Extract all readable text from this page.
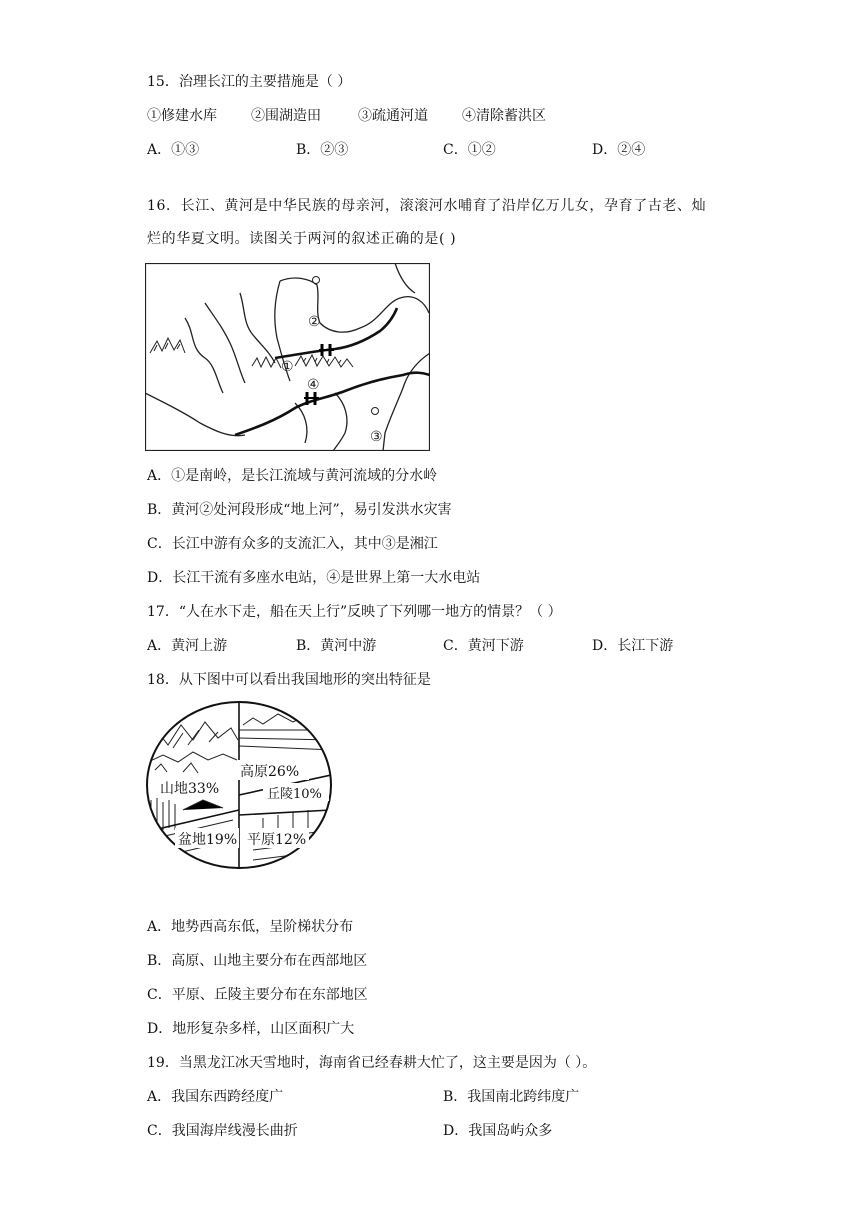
15．治理长江的主要措施是（ ）
①修建水库 ②围湖造田	③疏通河道 ④清除蓄洪区
A．①③	B．②③	C．①②	D．②④
16．长江、黄河是中华民族的母亲河，滚滚河水哺育了沿岸亿万儿女，孕育了古老、灿
烂的华夏文明。读图关于两河的叙述正确的是( )
②
①
④
③
A．①是南岭，是长江流域与黄河流域的分水岭
B．黄河②处河段形成“地上河”，易引发洪水灾害
C．长江中游有众多的支流汇入，其中③是湘江
D．长江干流有多座水电站，④是世界上第一大水电站
17．“人在水下走，船在天上行”反映了下列哪一地方的情景？（ ）
A．黄河上游	B．黄河中游	C．黄河下游	D．长江下游
18．从下图中可以看出我国地形的突出特征是
高原26%
山地33%	丘陵10%
盆地19% 平原12%
A．地势西高东低，呈阶梯状分布
B．高原、山地主要分布在西部地区
C．平原、丘陵主要分布在东部地区
D．地形复杂多样，山区面积广大
19．当黑龙江冰天雪地时，海南省已经春耕大忙了，这主要是因为（ ）。
A．我国东西跨经度广	B．我国南北跨纬度广
C．我国海岸线漫长曲折	D．我国岛屿众多
